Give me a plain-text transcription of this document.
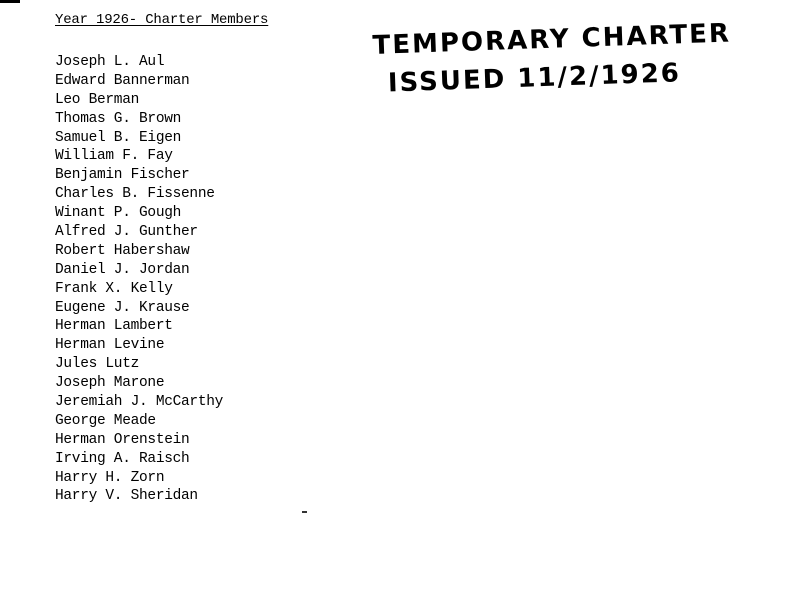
Year 1926- Charter Members
Joseph L. Aul
Edward Bannerman
Leo Berman
Thomas G. Brown
Samuel B. Eigen
William F. Fay
Benjamin Fischer
Charles B. Fissenne
Winant P. Gough
Alfred J. Gunther
Robert Habershaw
Daniel J. Jordan
Frank X. Kelly
Eugene J. Krause
Herman Lambert
Herman Levine
Jules Lutz
Joseph Marone
Jeremiah J. McCarthy
George Meade
Herman Orenstein
Irving A. Raisch
Harry H. Zorn
Harry V. Sheridan
TEMPORARY CHARTER
ISSUED 11/2/1926
